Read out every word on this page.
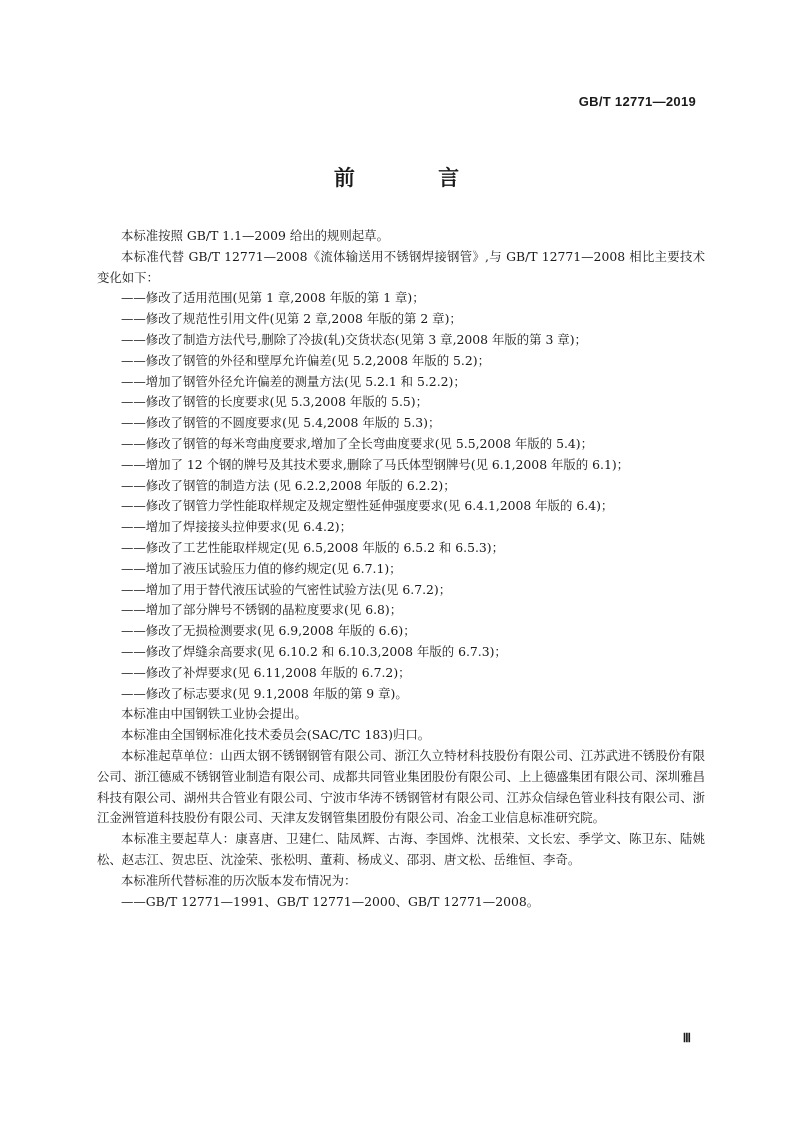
GB/T 12771—2019
前 言

本标准按照 GB/T 1.1—2009 给出的规则起草。

本标准代替 GB/T 12771—2008《流体输送用不锈钢焊接钢管》,与 GB/T 12771—2008 相比主要技术变化如下：

——修改了适用范围(见第 1 章,2008 年版的第 1 章)；

——修改了规范性引用文件(见第 2 章,2008 年版的第 2 章)；

——修改了制造方法代号,删除了冷拔(轧)交货状态(见第 3 章,2008 年版的第 3 章)；

——修改了钢管的外径和壁厚允许偏差(见 5.2,2008 年版的 5.2)；

——增加了钢管外径允许偏差的测量方法(见 5.2.1 和 5.2.2)；

——修改了钢管的长度要求(见 5.3,2008 年版的 5.5)；

——修改了钢管的不圆度要求(见 5.4,2008 年版的 5.3)；

——修改了钢管的每米弯曲度要求,增加了全长弯曲度要求(见 5.5,2008 年版的 5.4)；

——增加了 12 个钢的牌号及其技术要求,删除了马氏体型钢牌号(见 6.1,2008 年版的 6.1)；

——修改了钢管的制造方法 (见 6.2.2,2008 年版的 6.2.2)；

——修改了钢管力学性能取样规定及规定塑性延伸强度要求(见 6.4.1,2008 年版的 6.4)；

——增加了焊接接头拉伸要求(见 6.4.2)；

——修改了工艺性能取样规定(见 6.5,2008 年版的 6.5.2 和 6.5.3)；

——增加了液压试验压力值的修约规定(见 6.7.1)；

——增加了用于替代液压试验的气密性试验方法(见 6.7.2)；

——增加了部分牌号不锈钢的晶粒度要求(见 6.8)；

——修改了无损检测要求(见 6.9,2008 年版的 6.6)；

——修改了焊缝余高要求(见 6.10.2 和 6.10.3,2008 年版的 6.7.3)；

——修改了补焊要求(见 6.11,2008 年版的 6.7.2)；

——修改了标志要求(见 9.1,2008 年版的第 9 章)。

本标准由中国钢铁工业协会提出。

本标准由全国钢标准化技术委员会(SAC/TC 183)归口。

本标准起草单位：山西太钢不锈钢钢管有限公司、浙江久立特材科技股份有限公司、江苏武进不锈股份有限公司、浙江德威不锈钢管业制造有限公司、成都共同管业集团股份有限公司、上上德盛集团有限公司、深圳雅昌科技有限公司、湖州共合管业有限公司、宁波市华涛不锈钢管材有限公司、江苏众信绿色管业科技有限公司、浙江金洲管道科技股份有限公司、天津友发钢管集团股份有限公司、冶金工业信息标准研究院。

本标准主要起草人：康喜唐、卫建仁、陆凤辉、古海、李国烨、沈根荣、文长宏、季学文、陈卫东、陆姚松、赵志江、贺忠臣、沈淦荣、张松明、董莉、杨成义、邵羽、唐文松、岳维恒、李奇。

本标准所代替标准的历次版本发布情况为：

——GB/T 12771—1991、GB/T 12771—2000、GB/T 12771—2008。

Ⅲ
